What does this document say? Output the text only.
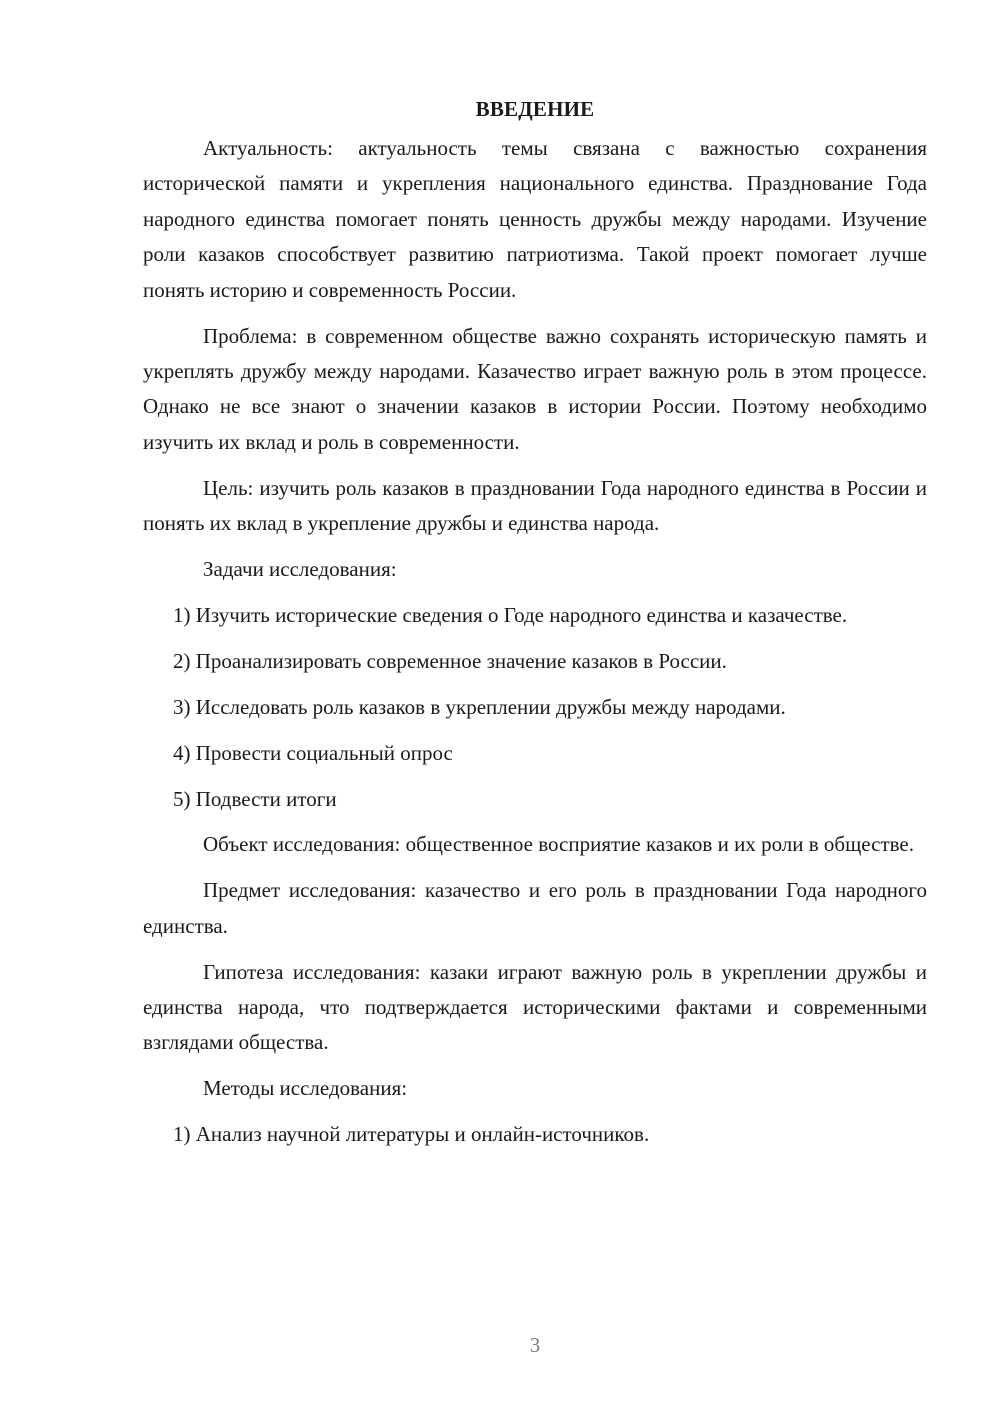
ВВЕДЕНИЕ

Актуальность: актуальность темы связана с важностью сохранения исторической памяти и укрепления национального единства. Празднование Года народного единства помогает понять ценность дружбы между народами. Изучение роли казаков способствует развитию патриотизма. Такой проект помогает лучше понять историю и современность России.

Проблема: в современном обществе важно сохранять историческую память и укреплять дружбу между народами. Казачество играет важную роль в этом процессе. Однако не все знают о значении казаков в истории России. Поэтому необходимо изучить их вклад и роль в современности.

Цель: изучить роль казаков в праздновании Года народного единства в России и понять их вклад в укрепление дружбы и единства народа.

Задачи исследования:

1) Изучить исторические сведения о Годе народного единства и казачестве.

2) Проанализировать современное значение казаков в России.

3) Исследовать роль казаков в укреплении дружбы между народами.

4) Провести социальный опрос

5) Подвести итоги

Объект исследования: общественное восприятие казаков и их роли в обществе.

Предмет исследования: казачество и его роль в праздновании Года народного единства.

Гипотеза исследования: казаки играют важную роль в укреплении дружбы и единства народа, что подтверждается историческими фактами и современными взглядами общества.

Методы исследования:

1) Анализ научной литературы и онлайн-источников.

3
